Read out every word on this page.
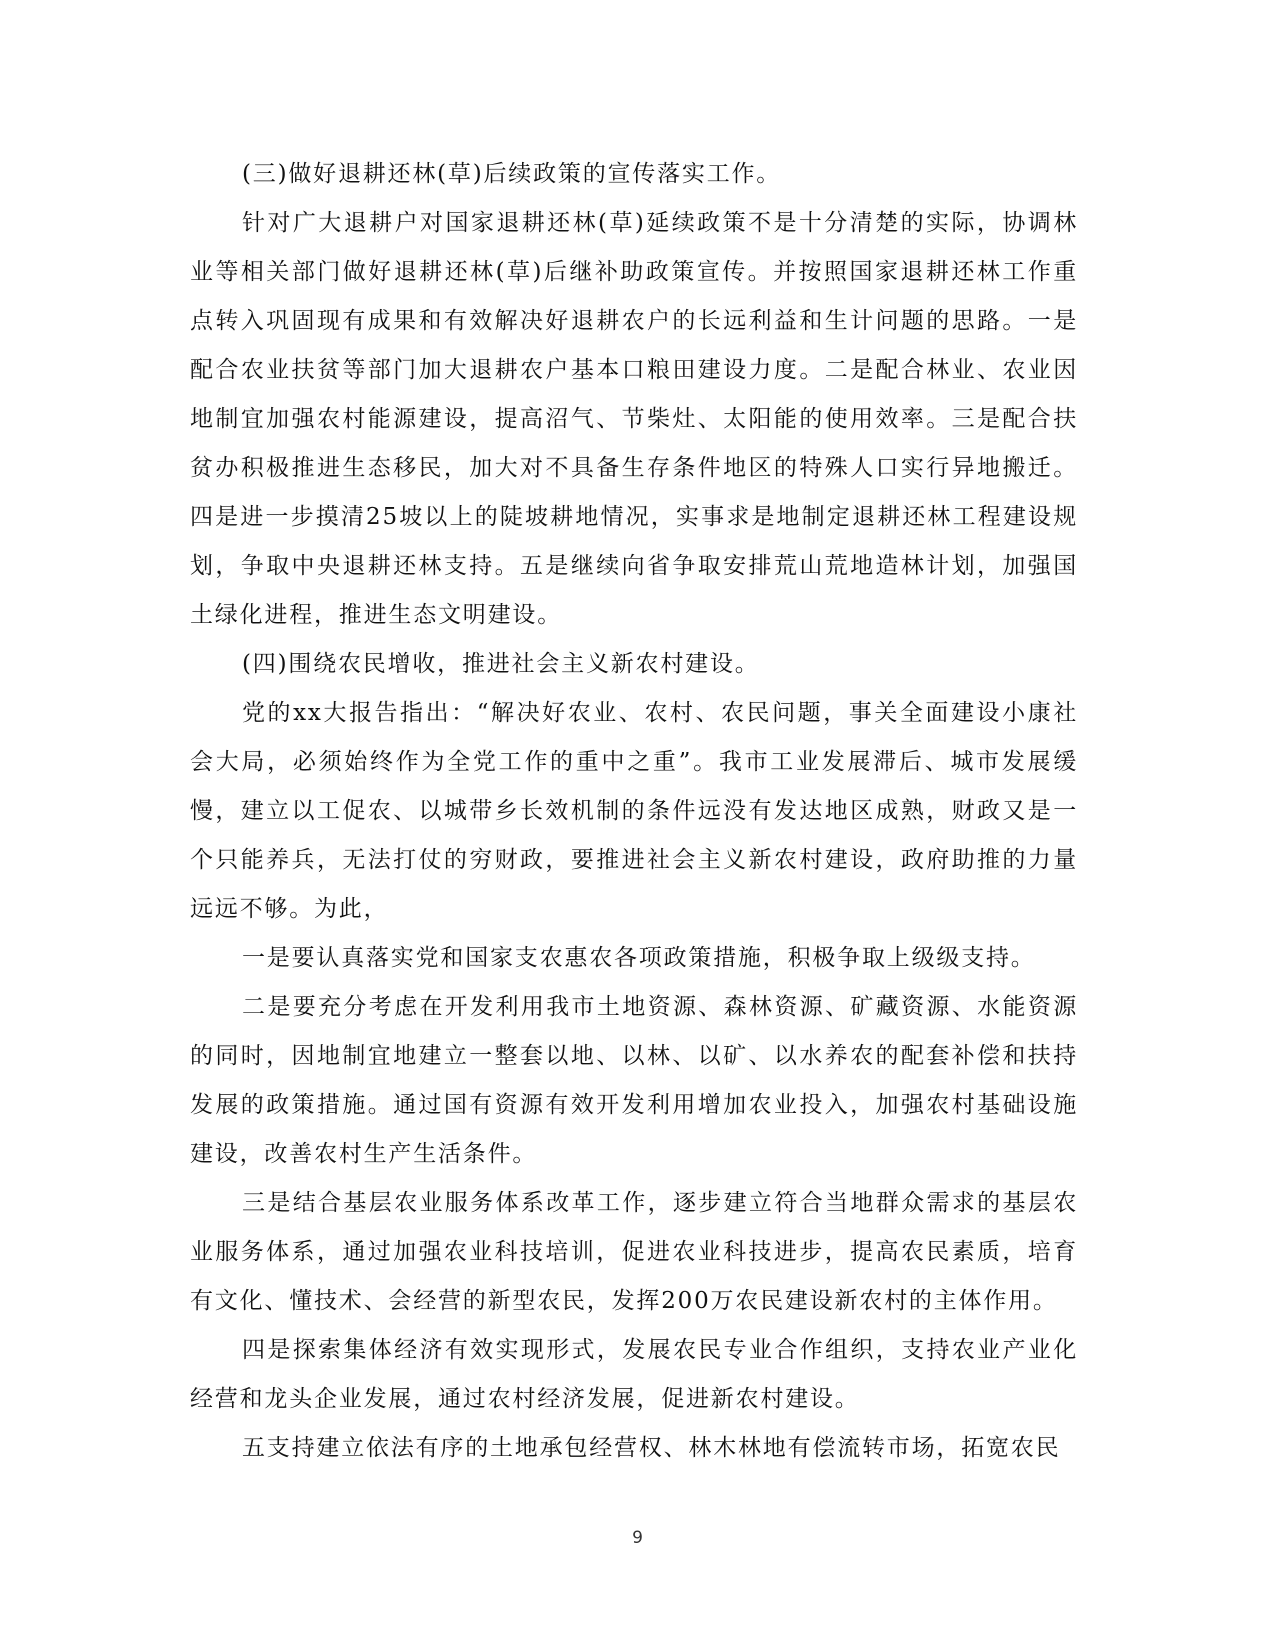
(三)做好退耕还林(草)后续政策的宣传落实工作。

针对广大退耕户对国家退耕还林(草)延续政策不是十分清楚的实际，协调林业等相关部门做好退耕还林(草)后继补助政策宣传。并按照国家退耕还林工作重点转入巩固现有成果和有效解决好退耕农户的长远利益和生计问题的思路。一是配合农业扶贫等部门加大退耕农户基本口粮田建设力度。二是配合林业、农业因地制宜加强农村能源建设，提高沼气、节柴灶、太阳能的使用效率。三是配合扶贫办积极推进生态移民，加大对不具备生存条件地区的特殊人口实行异地搬迁。四是进一步摸清25坡以上的陡坡耕地情况，实事求是地制定退耕还林工程建设规划，争取中央退耕还林支持。五是继续向省争取安排荒山荒地造林计划，加强国土绿化进程，推进生态文明建设。

(四)围绕农民增收，推进社会主义新农村建设。

党的xx大报告指出：“解决好农业、农村、农民问题，事关全面建设小康社会大局，必须始终作为全党工作的重中之重”。我市工业发展滞后、城市发展缓慢，建立以工促农、以城带乡长效机制的条件远没有发达地区成熟，财政又是一个只能养兵，无法打仗的穷财政，要推进社会主义新农村建设，政府助推的力量远远不够。为此，

一是要认真落实党和国家支农惠农各项政策措施，积极争取上级级支持。

二是要充分考虑在开发利用我市土地资源、森林资源、矿藏资源、水能资源的同时，因地制宜地建立一整套以地、以林、以矿、以水养农的配套补偿和扶持发展的政策措施。通过国有资源有效开发利用增加农业投入，加强农村基础设施建设，改善农村生产生活条件。

三是结合基层农业服务体系改革工作，逐步建立符合当地群众需求的基层农业服务体系，通过加强农业科技培训，促进农业科技进步，提高农民素质，培育有文化、懂技术、会经营的新型农民，发挥200万农民建设新农村的主体作用。

四是探索集体经济有效实现形式，发展农民专业合作组织，支持农业产业化经营和龙头企业发展，通过农村经济发展，促进新农村建设。

五支持建立依法有序的土地承包经营权、林木林地有偿流转市场，拓宽农民

9
